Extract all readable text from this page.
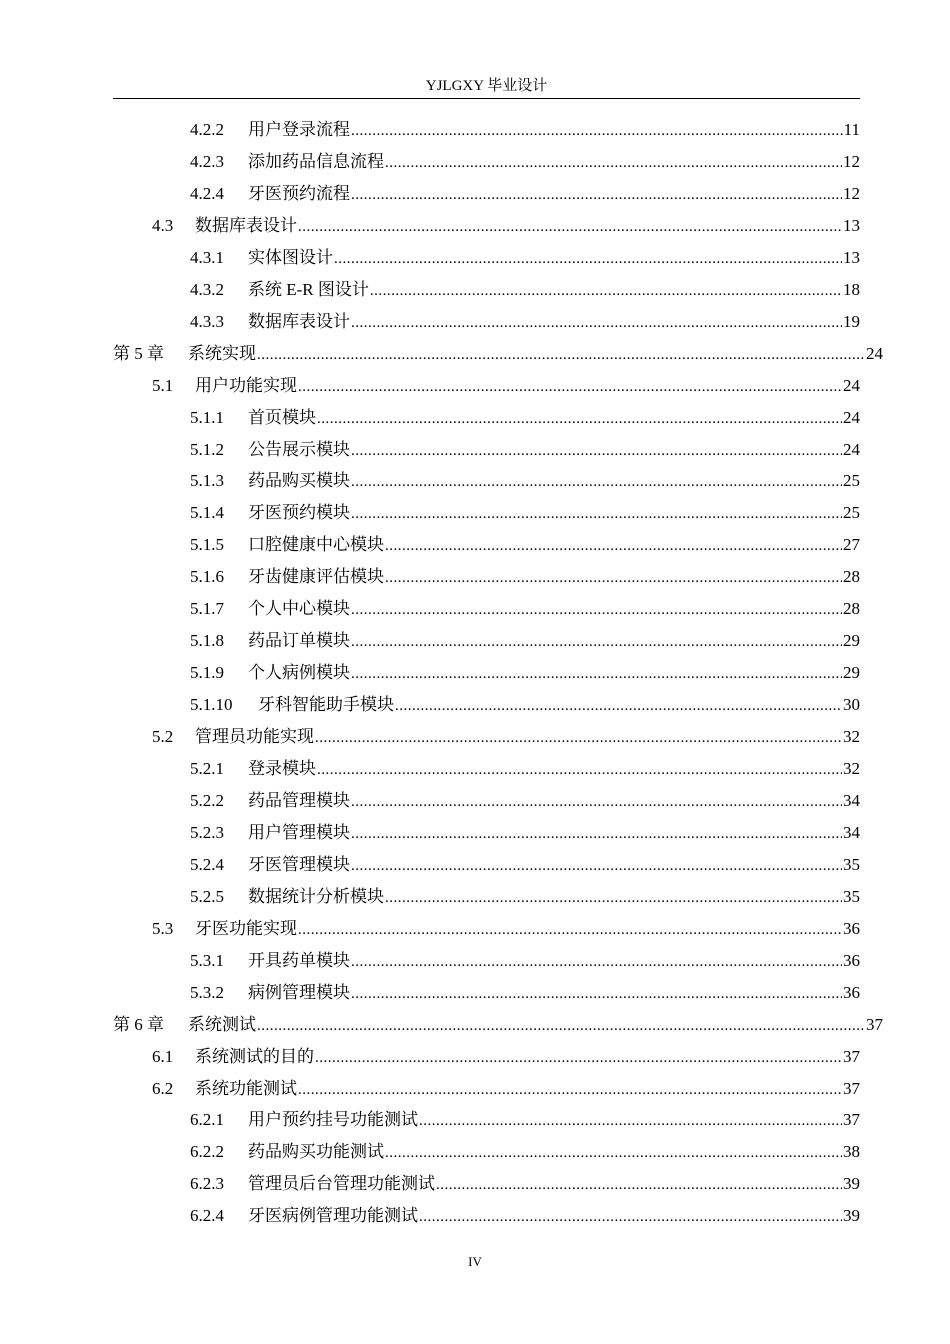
YJLGXY 毕业设计
4.2.2	用户登录流程 .....	11
4.2.3	添加药品信息流程 .....	12
4.2.4	牙医预约流程 .....	12
4.3	数据库表设计 .....	13
4.3.1	实体图设计 .....	13
4.3.2	系统 E-R 图设计 .....	18
4.3.3	数据库表设计 .....	19
第 5 章	系统实现 .....	24
5.1	用户功能实现 .....	24
5.1.1	首页模块 .....	24
5.1.2	公告展示模块 .....	24
5.1.3	药品购买模块 .....	25
5.1.4	牙医预约模块 .....	25
5.1.5	口腔健康中心模块 .....	27
5.1.6	牙齿健康评估模块 .....	28
5.1.7	个人中心模块 .....	28
5.1.8	药品订单模块 .....	29
5.1.9	个人病例模块 .....	29
5.1.10	牙科智能助手模块 .....	30
5.2	管理员功能实现 .....	32
5.2.1	登录模块 .....	32
5.2.2	药品管理模块 .....	34
5.2.3	用户管理模块 .....	34
5.2.4	牙医管理模块 .....	35
5.2.5	数据统计分析模块 .....	35
5.3	牙医功能实现 .....	36
5.3.1	开具药单模块 .....	36
5.3.2	病例管理模块 .....	36
第 6 章	系统测试 .....	37
6.1	系统测试的目的 .....	37
6.2	系统功能测试 .....	37
6.2.1	用户预约挂号功能测试 .....	37
6.2.2	药品购买功能测试 .....	38
6.2.3	管理员后台管理功能测试 .....	39
6.2.4	牙医病例管理功能测试 .....	39
IV
